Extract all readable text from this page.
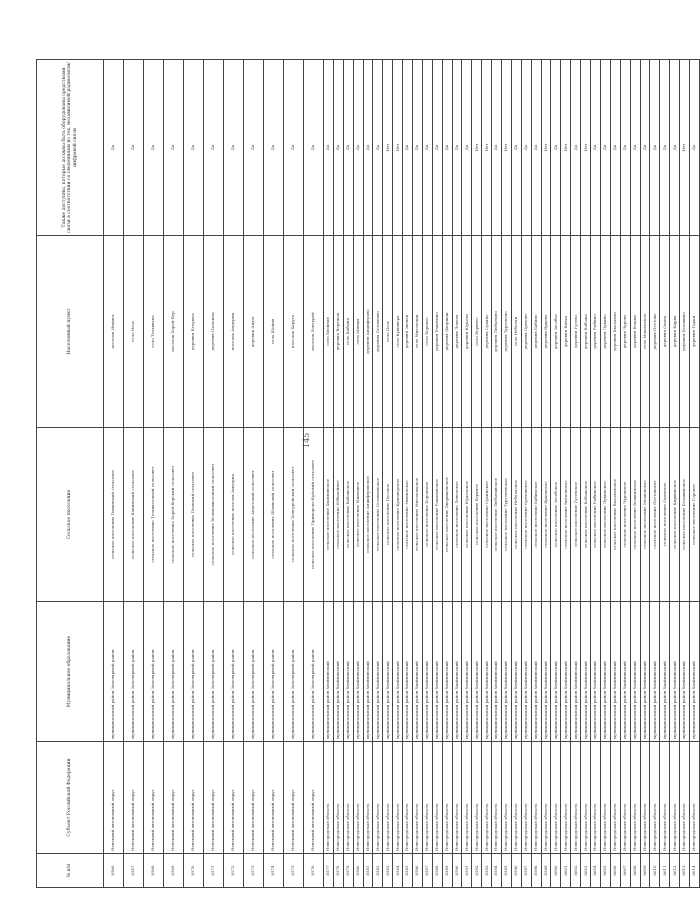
145
№ п/п	Субъект Российской Федерации	Муниципальное образование	Сельское поселение	Населенный пункт	Также доступны, которые должны быть оборудованы средствами связи в соответствии со сведениями из тех. независимой радиосвязи/цифровой связи
8566	Ненецкий автономный округ	муниципальный район Заполярный район	сельское поселение Тиманский сельсовет	поселок Индига	Да
8567	Ненецкий автономный округ	муниципальный район Заполярный район	сельское поселение Канинский сельсовет	село Несь	Да
8568	Ненецкий автономный округ	муниципальный район Заполярный район	сельское поселение Тельвисочный сельсовет	село Тельвиска	Да
8569	Ненецкий автономный округ	муниципальный район Заполярный район	сельское поселение Хорей-Верский сельсовет	поселок Хорей-Вер	Да
8570	Ненецкий автономный округ	муниципальный район Заполярный район	сельское поселение Пешский сельсовет	деревня Белушье	Да
8571	Ненецкий автономный округ	муниципальный район Заполярный район	сельское поселение Великовисочный сельсовет	деревня Пылемец	Да
8572	Ненецкий автономный округ	муниципальный район Заполярный район	сельское поселение поселок Амдерма	поселок Амдерма	Да
8573	Ненецкий автономный округ	муниципальный район Заполярный район	сельское поселение Андегский сельсовет	деревня Андег	Да
8574	Ненецкий автономный округ	муниципальный район Заполярный район	сельское поселение Шоинский сельсовет	село Шойна	Да
8575	Ненецкий автономный округ	муниципальный район Заполярный район	сельское поселение Хонгурейский сельсовет	поселок Харута	Да
8576	Ненецкий автономный округ	муниципальный район Заполярный район	сельское поселение Приморско-Куйский сельсовет	поселок Хонгурей	Да
8577	Новгородская область	муниципальный район Хвойнинский	сельское поселение Хвойнинское	село Хвойная	Да
8578	Новгородская область	муниципальный район Хвойнинский	сельское поселение Юбилейное	деревня Бережок	Да
8579	Новгородская область	муниципальный район Хвойнинский	сельское поселение Кабожское	село Кабожа	Да
8580	Новгородская область	муниципальный район Хвойнинский	сельское поселение Минецкое	село Минцы	Да
8581	Новгородская область	муниципальный район Хвойнинский	сельское поселение Анциферовское	деревня Анциферово	Да
8582	Новгородская область	муниципальный район Хвойнинский	сельское поселение Остахновское	деревня Остахново	Да
8583	Новгородская область	муниципальный район Хвойнинский	сельское поселение Песское	село Песь	Нет
8584	Новгородская область	муниципальный район Хвойнинский	сельское поселение Кушаверское	село Кушавера	Нет
8585	Новгородская область	муниципальный район Хвойнинский	сельское поселение Звоничское	деревня Звонец	Да
8586	Новгородская область	муниципальный район Хвойнинский	сельское поселение Миголощское	село Миголощи	Да
8587	Новгородская область	муниципальный район Хвойнинский	сельское поселение Боровское	село Боровое	Да
8588	Новгородская область	муниципальный район Хвойнинский	сельское поселение Ракитинское	деревня Ракитино	Да
8589	Новгородская область	муниципальный район Хвойнинский	сельское поселение Дворищенское	деревня Дворищи	Да
8590	Новгородская область	муниципальный район Хвойнинский	сельское поселение Левочское	деревня Левоча	Да
8591	Новгородская область	муниципальный район Хвойнинский	сельское поселение Юрьевское	деревня Юрьево	Да
8592	Новгородская область	муниципальный район Хвойнинский	сельское поселение Верхнее	село Верхнее	Нет
8593	Новгородская область	муниципальный район Хвойнинский	сельское поселение Сукинское	деревня Сукино	Нет
8594	Новгородская область	муниципальный район Хвойнинский	сельское поселение Любытинское	деревня Любытино	Да
8595	Новгородская область	муниципальный район Хвойнинский	сельское поселение Тургеневское	деревня Тургенево	Нет
8596	Новгородская область	муниципальный район Хвойнинский	сельское поселение Неболчское	село Неболчи	Да
8597	Новгородская область	муниципальный район Хвойнинский	сельское поселение Ореховское	деревня Орехово	Да
8598	Новгородская область	муниципальный район Хвойнинский	сельское поселение Бабинское	деревня Бабино	Да
8599	Новгородская область	муниципальный район Хвойнинский	сельское поселение Ярцевское	деревня Ярцево	Нет
8600	Новгородская область	муниципальный район Хвойнинский	сельское поселение Засобское	деревня Засобье	Да
8601	Новгородская область	муниципальный район Хвойнинский	сельское поселение Витковское	деревня Витка	Нет
8602	Новгородская область	муниципальный район Хвойнинский	сельское поселение Гусевское	деревня Гусево	Да
8603	Новгородская область	муниципальный район Хвойнинский	сельское поселение Кобожское	деревня Кобожа	Нет
8604	Новгородская область	муниципальный район Хвойнинский	сельское поселение Рыбинское	деревня Рыбино	Да
8605	Новгородская область	муниципальный район Хвойнинский	сельское поселение Лукинское	деревня Лукино	Да
8606	Новгородская область	муниципальный район Хвойнинский	сельское поселение Высоковское	деревня Высоково	Да
8607	Новгородская область	муниципальный район Хвойнинский	сельское поселение Чуровское	деревня Чурово	Да
8608	Новгородская область	муниципальный район Хвойнинский	сельское поселение Вешкинское	деревня Вешки	Да
8609	Новгородская область	муниципальный район Хвойнинский	сельское поселение Мошенское	село Мошенское	Да
8610	Новгородская область	муниципальный район Хвойнинский	сельское поселение Пестовское	деревня Пестово	Да
8611	Новгородская область	муниципальный район Хвойнинский	сельское поселение Охонское	деревня Охона	Да
8612	Новгородская область	муниципальный район Хвойнинский	сельское поселение Кирвинское	деревня Кирва	Да
8613	Новгородская область	муниципальный район Хвойнинский	сельское поселение Белавинское	деревня Белавино	Нет
8614	Новгородская область	муниципальный район Хвойнинский	сельское поселение Горское	деревня Горки	Да
